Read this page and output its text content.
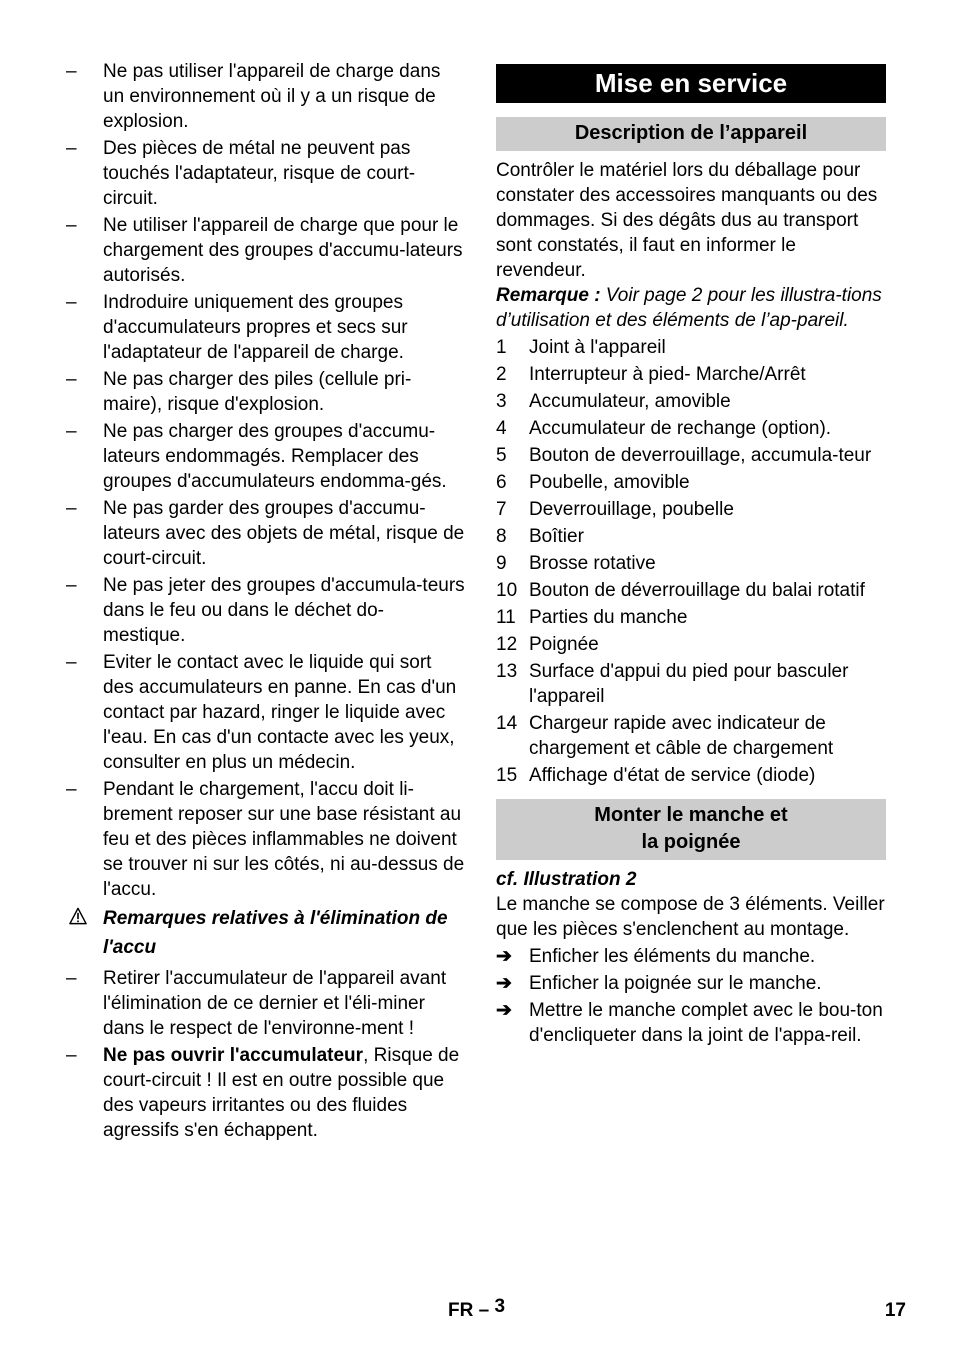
–	Ne pas utiliser l'appareil de charge dans un environnement où il y a un risque de explosion.
–	Des pièces de métal ne peuvent pas touchés l'adaptateur, risque de court-circuit.
–	Ne utiliser l'appareil de charge que pour le chargement des groupes d'accumu-lateurs autorisés.
–	Indroduire uniquement des groupes d'accumulateurs propres et secs sur l'adaptateur de l'appareil de charge.
–	Ne pas charger des piles (cellule pri-maire), risque d'explosion.
–	Ne pas charger des groupes d'accumu-lateurs endommagés. Remplacer des groupes d'accumulateurs endomma-gés.
–	Ne pas garder des groupes d'accumu-lateurs avec des objets de métal, risque de court-circuit.
–	Ne pas jeter des groupes d'accumula-teurs dans le feu ou dans le déchet do-mestique.
–	Eviter le contact avec le liquide qui sort des accumulateurs en panne. En cas d'un contact par hazard, ringer le liquide avec l'eau. En cas d'un contacte avec les yeux, consulter en plus un médecin.
–	Pendant le chargement, l'accu doit li-brement reposer sur une base résistant au feu et des pièces inflammables ne doivent se trouver ni sur les côtés, ni au-dessus de l'accu.
Remarques relatives à l'élimination de l'accu
–	Retirer l'accumulateur de l'appareil avant l'élimination de ce dernier et l'éli-miner dans le respect de l'environne-ment !
–	Ne pas ouvrir l'accumulateur, Risque de court-circuit ! Il est en outre possible que des vapeurs irritantes ou des fluides agressifs s'en échappent.
Mise en service
Description de l’appareil
Contrôler le matériel lors du déballage pour constater des accessoires manquants ou des dommages. Si des dégâts dus au transport sont constatés, il faut en informer le revendeur.
Remarque : Voir page 2 pour les illustra-tions d’utilisation et des éléments de l’ap-pareil.
1	Joint à l'appareil
2	Interrupteur à pied- Marche/Arrêt
3	Accumulateur, amovible
4	Accumulateur de rechange (option).
5	Bouton de deverrouillage, accumula-teur
6	Poubelle, amovible
7	Deverrouillage, poubelle
8	Boîtier
9	Brosse rotative
10 Bouton de déverrouillage du balai rotatif
11 Parties du manche
12 Poignée
13 Surface d'appui du pied pour basculer l'appareil
14 Chargeur rapide avec indicateur de chargement et câble de chargement
15 Affichage d'état de service (diode)
Monter le manche et
la poignée
cf. Illustration 2
Le manche se compose de 3 éléments. Veiller que les pièces s'enclenchent au montage.
➔ Enficher les éléments du manche.
➔ Enficher la poignée sur le manche.
➔ Mettre le manche complet avec le bou-ton d'encliqueter dans la joint de l'appa-reil.
FR – 3	17
